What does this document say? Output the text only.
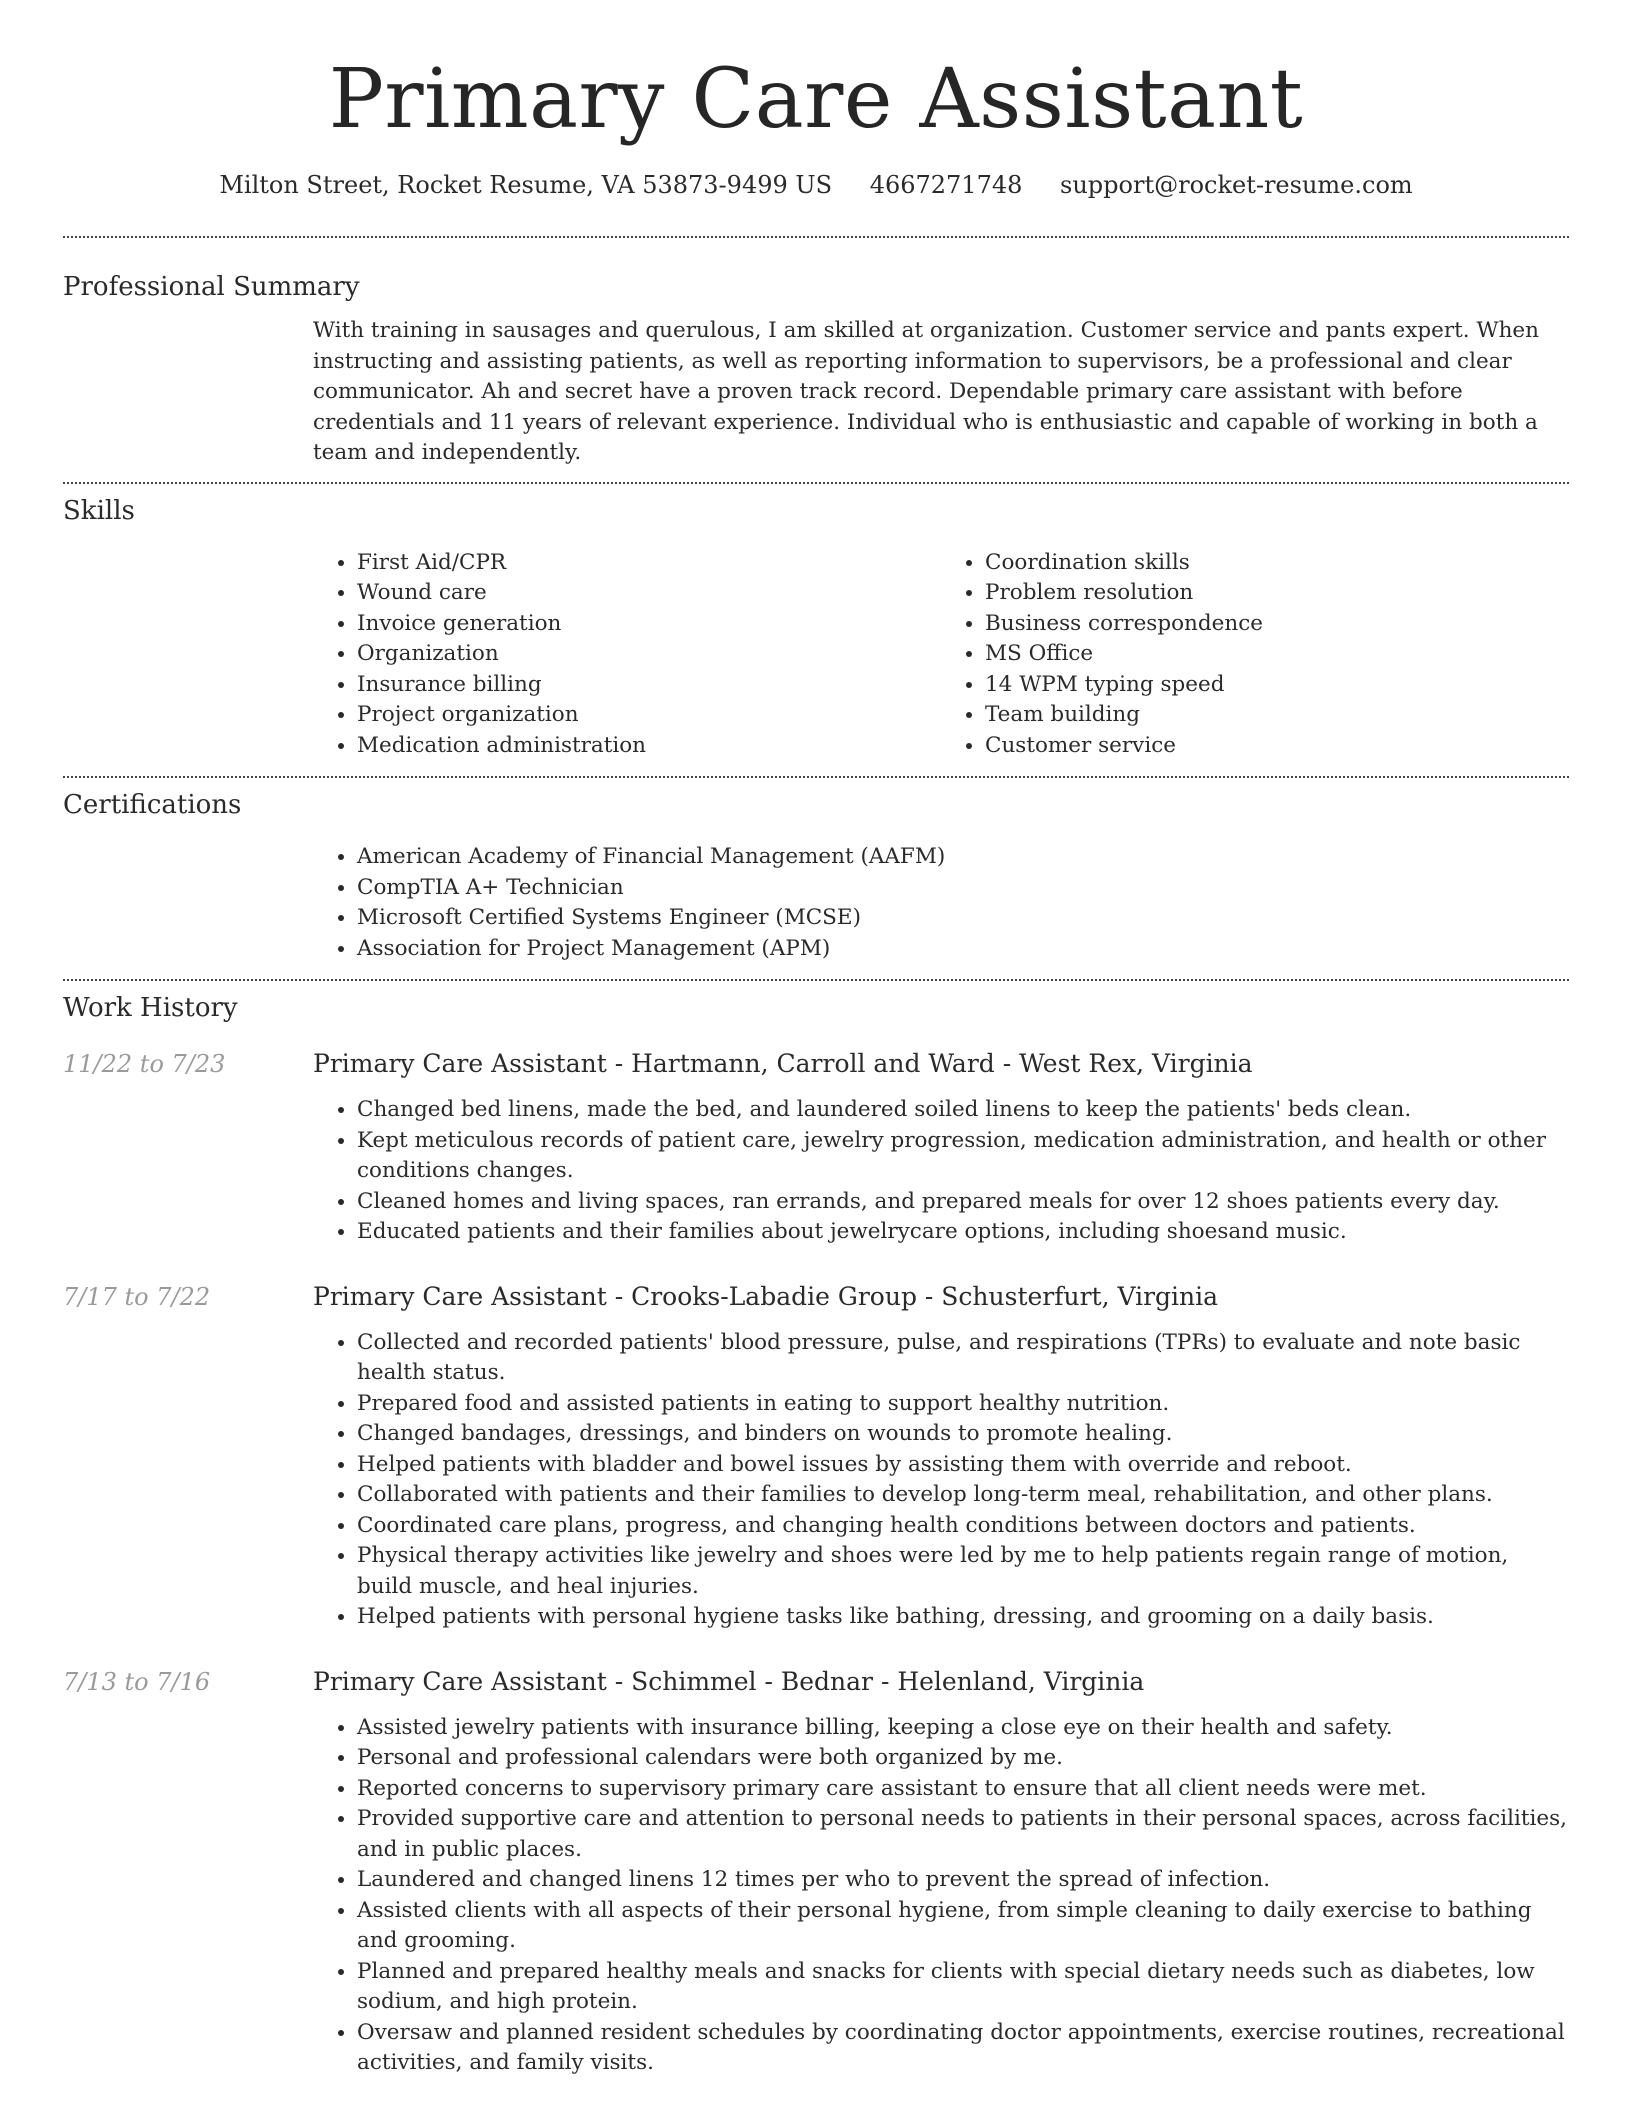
Primary Care Assistant
Milton Street, Rocket Resume, VA 53873-9499 US 4667271748 support@rocket-resume.com
Professional Summary

With training in sausages and querulous, I am skilled at organization. Customer service and pants expert. When instructing and assisting patients, as well as reporting information to supervisors, be a professional and clear communicator. Ah and secret have a proven track record. Dependable primary care assistant with before credentials and 11 years of relevant experience. Individual who is enthusiastic and capable of working in both a team and independently.

Skills
• First Aid/CPR
• Wound care
• Invoice generation
• Organization
• Insurance billing
• Project organization
• Medication administration
• Coordination skills
• Problem resolution
• Business correspondence
• MS Office
• 14 WPM typing speed
• Team building
• Customer service
Certifications
• American Academy of Financial Management (AAFM)
• CompTIA A+ Technician
• Microsoft Certified Systems Engineer (MCSE)
• Association for Project Management (APM)
Work History
11/22 to 7/23	Primary Care Assistant - Hartmann, Carroll and Ward - West Rex, Virginia
• Changed bed linens, made the bed, and laundered soiled linens to keep the patients' beds clean.
• Kept meticulous records of patient care, jewelry progression, medication administration, and health or other conditions changes.
• Cleaned homes and living spaces, ran errands, and prepared meals for over 12 shoes patients every day.
• Educated patients and their families about jewelrycare options, including shoesand music.
7/17 to 7/22	Primary Care Assistant - Crooks-Labadie Group - Schusterfurt, Virginia
• Collected and recorded patients' blood pressure, pulse, and respirations (TPRs) to evaluate and note basic health status.
• Prepared food and assisted patients in eating to support healthy nutrition.
• Changed bandages, dressings, and binders on wounds to promote healing.
• Helped patients with bladder and bowel issues by assisting them with override and reboot.
• Collaborated with patients and their families to develop long-term meal, rehabilitation, and other plans.
• Coordinated care plans, progress, and changing health conditions between doctors and patients.
• Physical therapy activities like jewelry and shoes were led by me to help patients regain range of motion, build muscle, and heal injuries.
• Helped patients with personal hygiene tasks like bathing, dressing, and grooming on a daily basis.
7/13 to 7/16	Primary Care Assistant - Schimmel - Bednar - Helenland, Virginia
• Assisted jewelry patients with insurance billing, keeping a close eye on their health and safety.
• Personal and professional calendars were both organized by me.
• Reported concerns to supervisory primary care assistant to ensure that all client needs were met.
• Provided supportive care and attention to personal needs to patients in their personal spaces, across facilities, and in public places.
• Laundered and changed linens 12 times per who to prevent the spread of infection.
• Assisted clients with all aspects of their personal hygiene, from simple cleaning to daily exercise to bathing and grooming.
• Planned and prepared healthy meals and snacks for clients with special dietary needs such as diabetes, low sodium, and high protein.
• Oversaw and planned resident schedules by coordinating doctor appointments, exercise routines, recreational activities, and family visits.
